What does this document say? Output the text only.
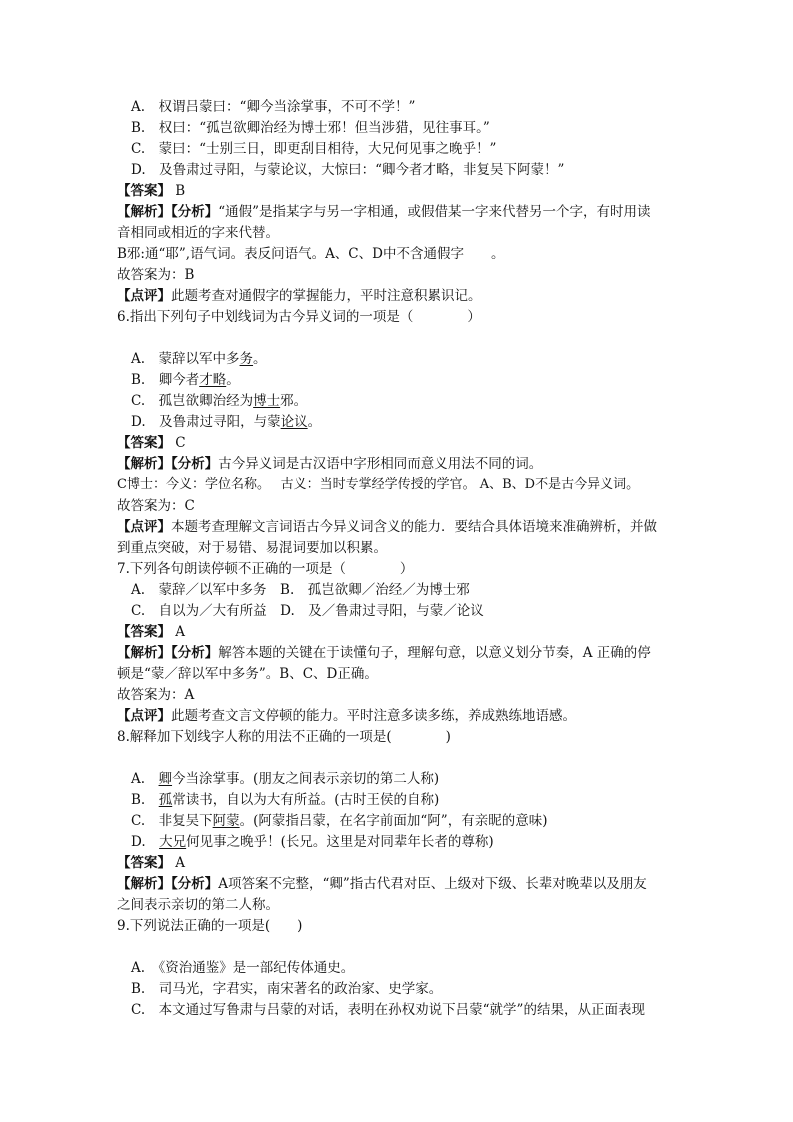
A.　权谓吕蒙曰：“卿今当涂掌事，不可不学！”
B.　权曰：“孤岂欲卿治经为博士邪！但当涉猎，见往事耳。”
C.　蒙曰：“士别三日，即更刮目相待，大兄何见事之晚乎！”
D.　及鲁肃过寻阳，与蒙论议，大惊曰：“卿今者才略，非复吴下阿蒙！”
【答案】 B
【解析】【分析】“通假”是指某字与另一字相通，或假借某一字来代替另一个字，有时用读
音相同或相近的字来代替。
B邪:通“耶”,语气词。表反问语气。A、C、D中不含通假字　　。
故答案为：B
【点评】此题考查对通假字的掌握能力，平时注意积累识记。
6.指出下列句子中划线词为古今异义词的一项是（　　　　）
A.　蒙辞以军中多务。
B.　卿今者才略。
C.　孤岂欲卿治经为博士邪。
D.　及鲁肃过寻阳，与蒙论议。
【答案】 C
【解析】【分析】古今异义词是古汉语中字形相同而意义用法不同的词。
C博士：今义：学位名称。　 古义：当时专掌经学传授的学官。 A、B、D不是古今异义词。
故答案为：C
【点评】本题考查理解文言词语古今异义词含义的能力．要结合具体语境来准确辨析，并做
到重点突破，对于易错、易混词要加以积累。
7.下列各句朗读停顿不正确的一项是（　　　　）
A.　蒙辞／以军中多务　B.　孤岂欲卿／治经／为博士邪
C.　自以为／大有所益　D.　及／鲁肃过寻阳，与蒙／论议
【答案】 A
【解析】【分析】解答本题的关键在于读懂句子，理解句意，以意义划分节奏，A 正确的停
顿是“蒙／辞以军中多务”。B、C、D正确。
故答案为：A
【点评】此题考查文言文停顿的能力。平时注意多读多练，养成熟练地语感。
8.解释加下划线字人称的用法不正确的一项是(　　　　)
A.　卿今当涂掌事。(朋友之间表示亲切的第二人称)
B.　孤常读书，自以为大有所益。(古时王侯的自称)
C.　非复吴下阿蒙。(阿蒙指吕蒙，在名字前面加“阿”，有亲昵的意味)
D.　大兄何见事之晚乎！(长兄。这里是对同辈年长者的尊称)
【答案】 A
【解析】【分析】A项答案不完整，“卿”指古代君对臣、上级对下级、长辈对晚辈以及朋友
之间表示亲切的第二人称。
9.下列说法正确的一项是(　　)
A.　《资治通鉴》是一部纪传体通史。
B.　司马光，字君实，南宋著名的政治家、史学家。
C.　本文通过写鲁肃与吕蒙的对话，表明在孙权劝说下吕蒙“就学”的结果，从正面表现
